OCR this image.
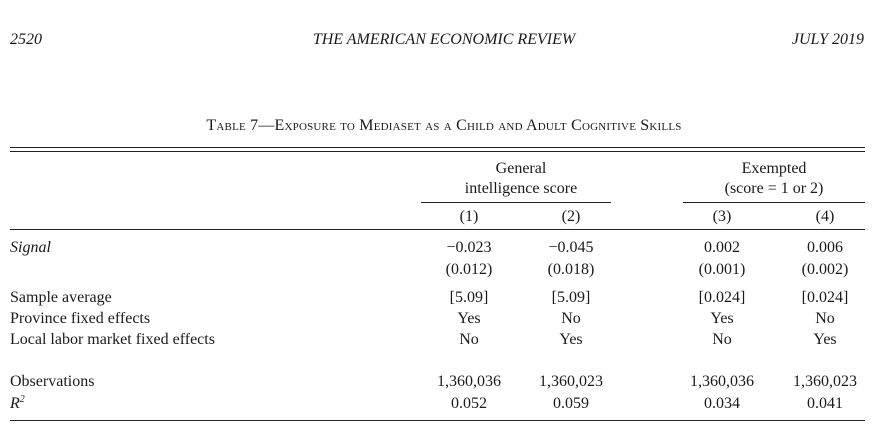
2520	THE AMERICAN ECONOMIC REVIEW	JULY 2019
Table 7—Exposure to Mediaset as a Child and Adult Cognitive Skills
General
intelligence score
Exempted
(score = 1 or 2)
(1)	(2)	(3)	(4)
Signal	−0.023	−0.045	0.002	0.006
(0.012)	(0.018)	(0.001)	(0.002)
Sample average	[5.09]	[5.09]	[0.024]	[0.024]
Province fixed effects	Yes	No	Yes	No
Local labor market fixed effects	No	Yes	No	Yes
Observations	1,360,036	1,360,023	1,360,036	1,360,023
$R^2$	0.052	0.059	0.034	0.041
